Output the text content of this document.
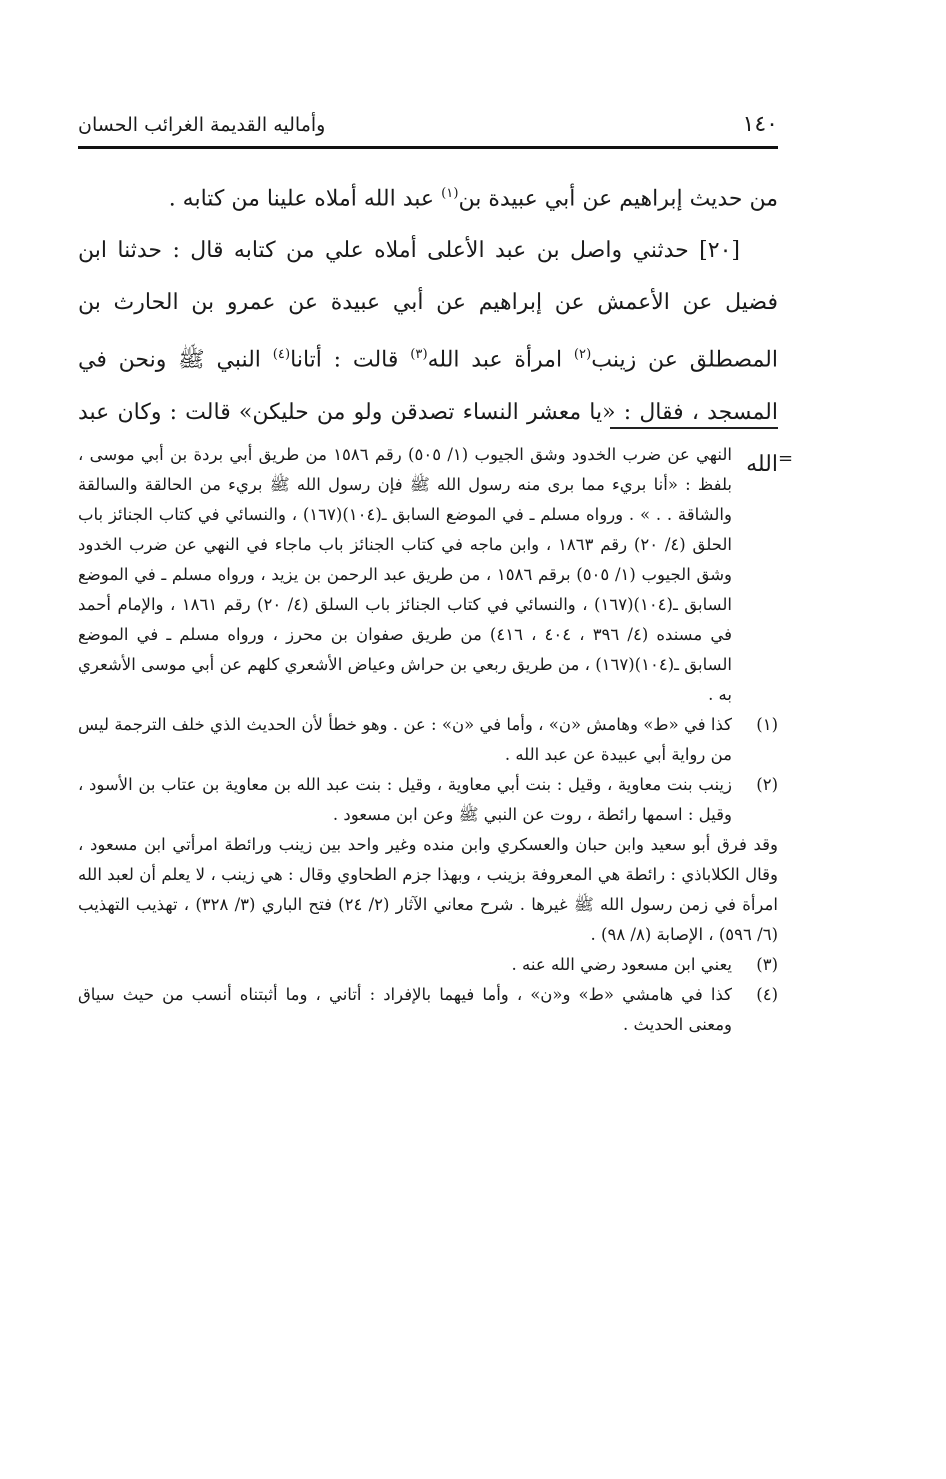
١٤٠
وأماليه القديمة الغرائب الحسان

من حديث إبراهيم عن أبي عبيدة بن$^{(١)}$ عبد الله أملاه علينا من كتابه .

[٢٠] حدثني واصل بن عبد الأعلى أملاه علي من كتابه قال : حدثنا ابن فضيل عن الأعمش عن إبراهيم عن أبي عبيدة عن عمرو بن الحارث بن المصطلق عن زينب$^{(٢)}$ امرأة عبد الله$^{(٣)}$ قالت : أتانا$^{(٤)}$ النبي ﷺ ونحن في المسجد ، فقال : «يا معشر النساء تصدقن ولو من حليكن» قالت : وكان عبد الله =

النهي عن ضرب الخدود وشق الجيوب (١/ ٥٠٥) رقم ١٥٨٦ من طريق أبي بردة بن أبي موسى ، بلفظ : «أنا بريء مما برى منه رسول الله ﷺ فإن رسول الله ﷺ بريء من الحالقة والسالقة والشاقة . . » . ورواه مسلم ـ في الموضع السابق ـ(١٠٤)(١٦٧) ، والنسائي في كتاب الجنائز باب الحلق (٤/ ٢٠) رقم ١٨٦٣ ، وابن ماجه في كتاب الجنائز باب ماجاء في النهي عن ضرب الخدود وشق الجيوب (١/ ٥٠٥) برقم ١٥٨٦ ، من طريق عبد الرحمن بن يزيد ، ورواه مسلم ـ في الموضع السابق ـ(١٠٤)(١٦٧) ، والنسائي في كتاب الجنائز باب السلق (٤/ ٢٠) رقم ١٨٦١ ، والإمام أحمد في مسنده (٤/ ٣٩٦ ، ٤٠٤ ، ٤١٦) من طريق صفوان بن محرز ، ورواه مسلم ـ في الموضع السابق ـ(١٠٤)(١٦٧) ، من طريق ربعي بن حراش وعياض الأشعري كلهم عن أبي موسى الأشعري به .

(١)
كذا في «ط» وهامش «ن» ، وأما في «ن» : عن . وهو خطأ لأن الحديث الذي خلف الترجمة ليس من رواية أبي عبيدة عن عبد الله .
(٢)
زينب بنت معاوية ، وقيل : بنت أبي معاوية ، وقيل : بنت عبد الله بن معاوية بن عتاب بن الأسود ، وقيل : اسمها رائطة ، روت عن النبي ﷺ وعن ابن مسعود .

وقد فرق أبو سعيد وابن حبان والعسكري وابن منده وغير واحد بين زينب ورائطة امرأتي ابن مسعود ، وقال الكلاباذي : رائطة هي المعروفة بزينب ، وبهذا جزم الطحاوي وقال : هي زينب ، لا يعلم أن لعبد الله امرأة في زمن رسول الله ﷺ غيرها . شرح معاني الآثار (٢/ ٢٤) فتح الباري (٣/ ٣٢٨) ، تهذيب التهذيب (٦/ ٥٩٦) ، الإصابة (٨/ ٩٨) .

(٣)
يعني ابن مسعود رضي الله عنه .
(٤)
كذا في هامشي «ط» و«ن» ، وأما فيهما بالإفراد : أتاني ، وما أثبتناه أنسب من حيث سياق ومعنى الحديث .
